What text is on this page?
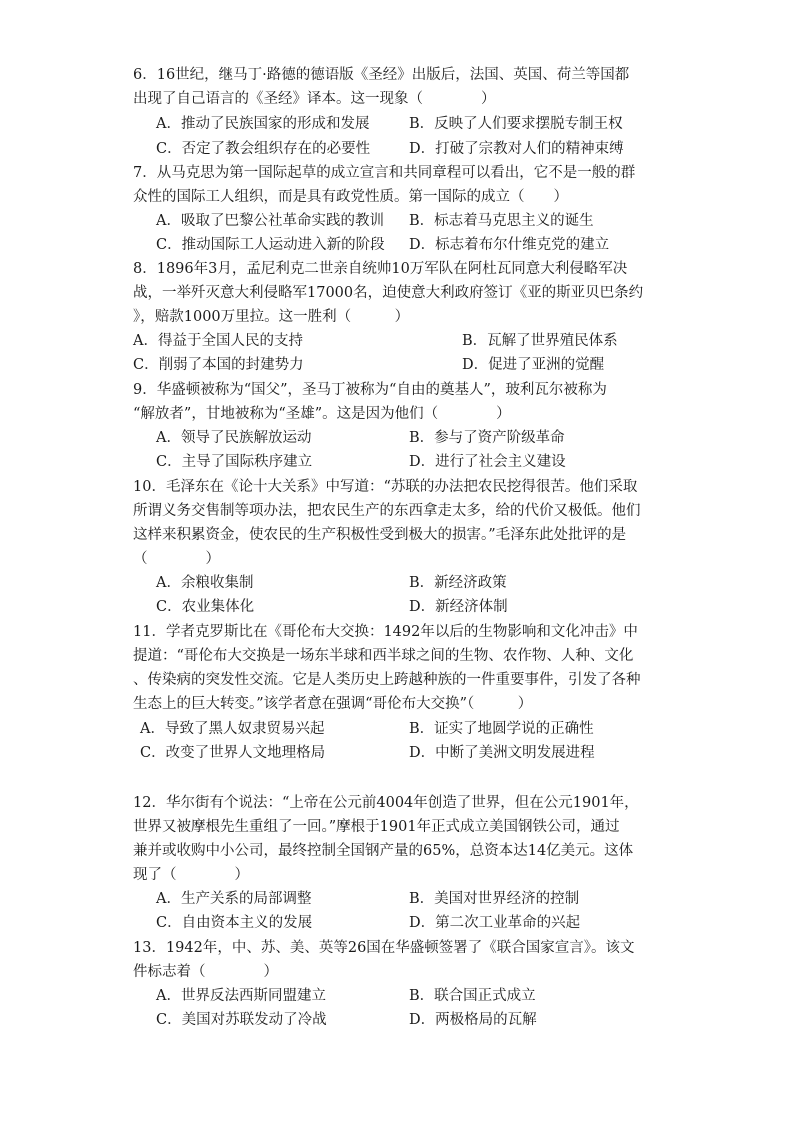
6．16世纪，继马丁·路德的德语版《圣经》出版后，法国、英国、荷兰等国都
出现了自己语言的《圣经》译本。这一现象（　　　　）
A．推动了民族国家的形成和发展	B．反映了人们要求摆脱专制王权
C．否定了教会组织存在的必要性	D．打破了宗教对人们的精神束缚
7．从马克思为第一国际起草的成立宣言和共同章程可以看出，它不是一般的群
众性的国际工人组织，而是具有政党性质。第一国际的成立（　　）
A．吸取了巴黎公社革命实践的教训 B．标志着马克思主义的诞生
C．推动国际工人运动进入新的阶段 D．标志着布尔什维克党的建立
8．1896年3月，孟尼利克二世亲自统帅10万军队在阿杜瓦同意大利侵略军决
战，一举歼灭意大利侵略军17000名，迫使意大利政府签订《亚的斯亚贝巴条约
》，赔款1000万里拉。这一胜利（　　　）
A．得益于全国人民的支持	B．瓦解了世界殖民体系
C．削弱了本国的封建势力	D．促进了亚洲的觉醒
9．华盛顿被称为“国父”，圣马丁被称为“自由的奠基人”，玻利瓦尔被称为
“解放者”，甘地被称为“圣雄”。这是因为他们（　　　　）
A．领导了民族解放运动	B．参与了资产阶级革命
C．主导了国际秩序建立	D．进行了社会主义建设
10．毛泽东在《论十大关系》中写道：“苏联的办法把农民挖得很苦。他们采取
所谓义务交售制等项办法，把农民生产的东西拿走太多，给的代价又极低。他们
这样来积累资金，使农民的生产积极性受到极大的损害。”毛泽东此处批评的是
（　　　　）
A．余粮收集制	B．新经济政策
C．农业集体化	D．新经济体制
11．学者克罗斯比在《哥伦布大交换：1492年以后的生物影响和文化冲击》中
提道：“哥伦布大交换是一场东半球和西半球之间的生物、农作物、人种、文化
、传染病的突发性交流。它是人类历史上跨越种族的一件重要事件，引发了各种
生态上的巨大转变。”该学者意在强调“哥伦布大交换”（　　　）
A．导致了黑人奴隶贸易兴起	B．证实了地圆学说的正确性
C．改变了世界人文地理格局	D．中断了美洲文明发展进程
12．华尔街有个说法：“上帝在公元前4004年创造了世界，但在公元1901年，
世界又被摩根先生重组了一回。”摩根于1901年正式成立美国钢铁公司，通过
兼并或收购中小公司，最终控制全国钢产量的65%，总资本达14亿美元。这体
现了（　　　　）
A．生产关系的局部调整	B．美国对世界经济的控制
C．自由资本主义的发展	D．第二次工业革命的兴起
13．1942年，中、苏、美、英等26国在华盛顿签署了《联合国家宣言》。该文
件标志着（　　　　）
A．世界反法西斯同盟建立	B．联合国正式成立
C．美国对苏联发动了冷战	D．两极格局的瓦解
